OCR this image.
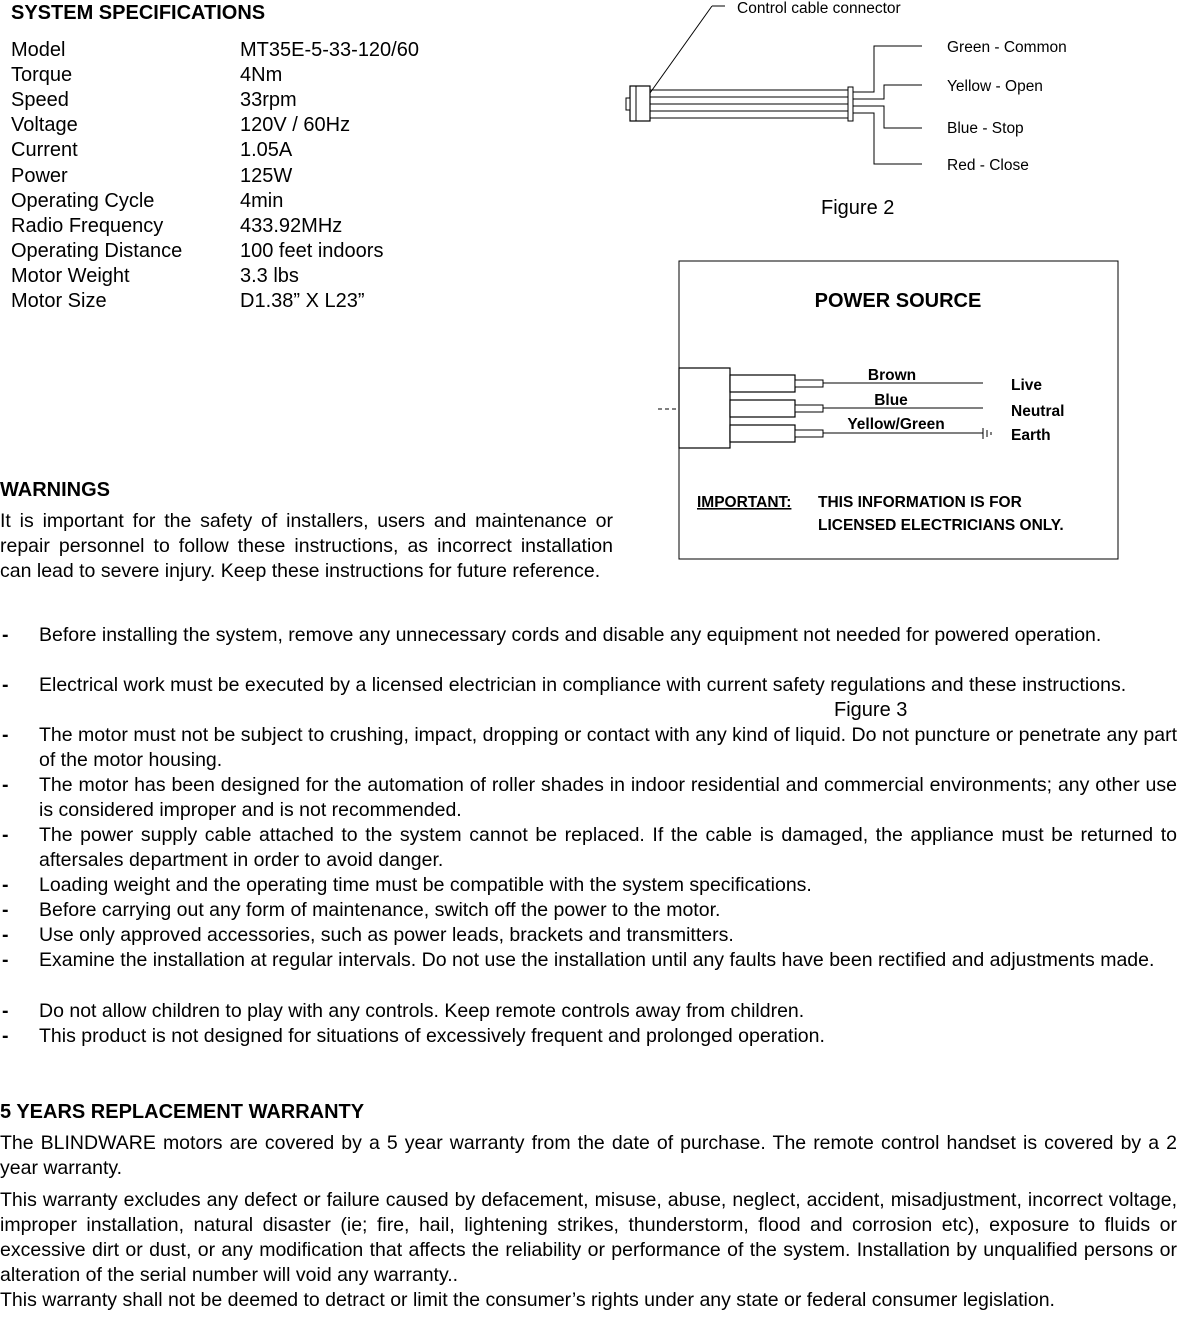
SYSTEM SPECIFICATIONS
Model	MT35E-5-33-120/60
Torque	4Nm
Speed	33rpm
Voltage	120V / 60Hz
Current	1.05A
Power	125W
Operating Cycle	4min
Radio Frequency	433.92MHz
Operating Distance	100 feet indoors
Motor Weight	3.3 lbs
Motor Size	D1.38” X L23”
Control cable connector
Green - Common
Yellow - Open
Blue - Stop
Red - Close
Figure 2
POWER SOURCE
Brown
Blue
Yellow/Green
Live
Neutral
Earth
IMPORTANT: THIS INFORMATION IS FOR
LICENSED ELECTRICIANS ONLY.
Figure 3
WARNINGS
It is important for the safety of installers, users and maintenance or repair personnel to follow these instructions, as incorrect installation can lead to severe injury. Keep these instructions for future reference.
- Before installing the system, remove any unnecessary cords and disable any equipment not needed for powered operation.
- Electrical work must be executed by a licensed electrician in compliance with current safety regulations and these instructions.
- The motor must not be subject to crushing, impact, dropping or contact with any kind of liquid. Do not puncture or penetrate any part of the motor housing.
- The motor has been designed for the automation of roller shades in indoor residential and commercial environments; any other use is considered improper and is not recommended.
- The power supply cable attached to the system cannot be replaced. If the cable is damaged, the appliance must be returned to aftersales department in order to avoid danger.
- Loading weight and the operating time must be compatible with the system specifications.
- Before carrying out any form of maintenance, switch off the power to the motor.
- Use only approved accessories, such as power leads, brackets and transmitters.
- Examine the installation at regular intervals. Do not use the installation until any faults have been rectified and adjustments made.
- Do not allow children to play with any controls. Keep remote controls away from children.
- This product is not designed for situations of excessively frequent and prolonged operation.
5 YEARS REPLACEMENT WARRANTY
The BLINDWARE motors are covered by a 5 year warranty from the date of purchase. The remote control handset is covered by a 2 year warranty.
This warranty excludes any defect or failure caused by defacement, misuse, abuse, neglect, accident, misadjustment, incorrect voltage, improper installation, natural disaster (ie; fire, hail, lightening strikes, thunderstorm, flood and corrosion etc), exposure to fluids or excessive dirt or dust, or any modification that affects the reliability or performance of the system. Installation by unqualified persons or alteration of the serial number will void any warranty..
This warranty shall not be deemed to detract or limit the consumer’s rights under any state or federal consumer legislation.
